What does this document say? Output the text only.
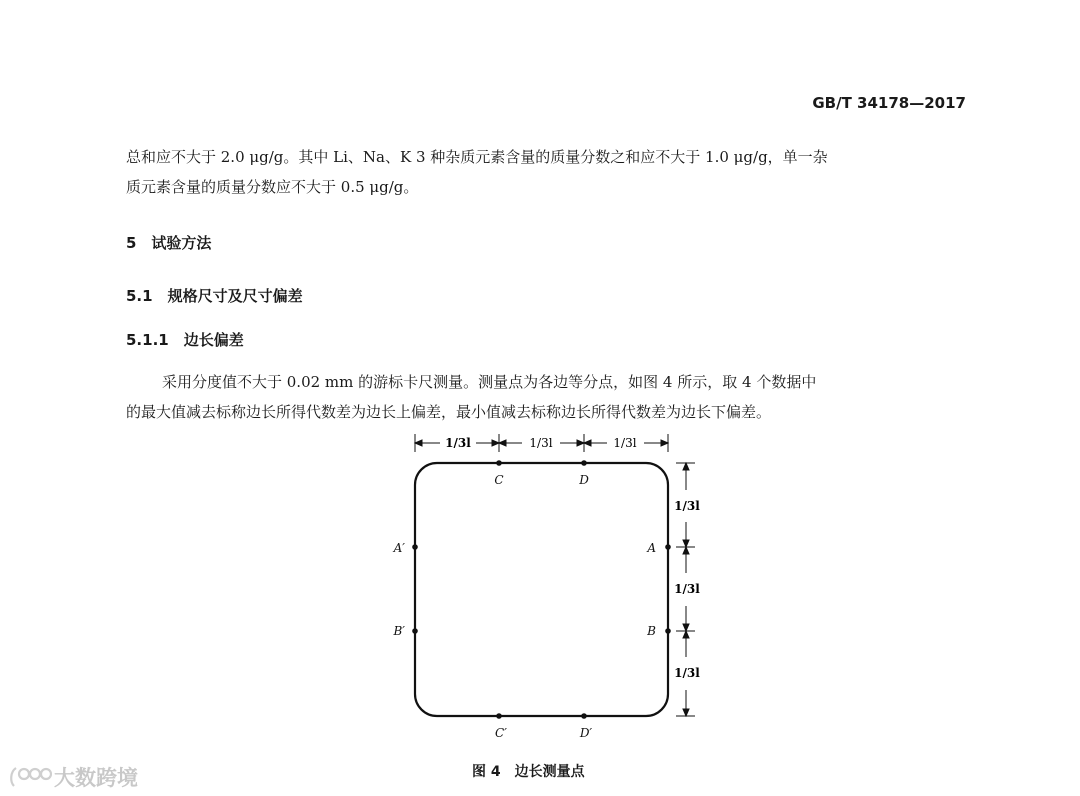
GB/T 34178—2017
总和应不大于 2.0 μg/g。其中 Li、Na、K 3 种杂质元素含量的质量分数之和应不大于 1.0 μg/g，单一杂
质元素含量的质量分数应不大于 0.5 μg/g。
5　试验方法
5.1　规格尺寸及尺寸偏差
5.1.1　边长偏差
采用分度值不大于 0.02 mm 的游标卡尺测量。测量点为各边等分点，如图 4 所示，取 4 个数据中
的最大值减去标称边长所得代数差为边长上偏差，最小值减去标称边长所得代数差为边长下偏差。
1/3l	1/3l	1/3l
1/3l
1/3l
1/3l
C	D
A
B
A′
B′
C′	D′
图 4　边长测量点
大数跨境
